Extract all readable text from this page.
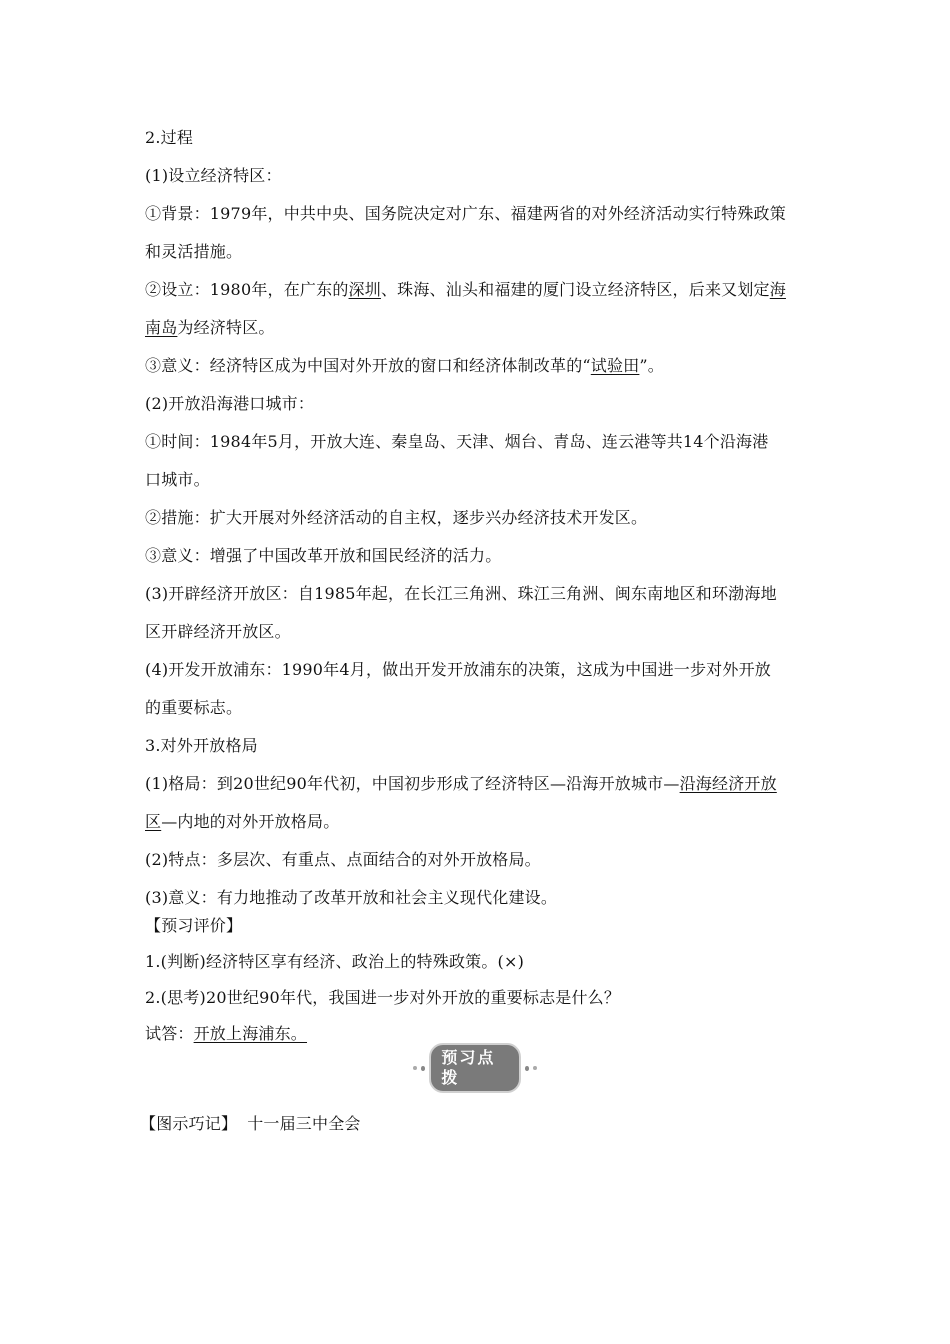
2.过程
(1)设立经济特区：
①背景：1979年，中共中央、国务院决定对广东、福建两省的对外经济活动实行特殊政策
和灵活措施。
②设立：1980年，在广东的深圳、珠海、汕头和福建的厦门设立经济特区，后来又划定海
南岛为经济特区。
③意义：经济特区成为中国对外开放的窗口和经济体制改革的“试验田”。
(2)开放沿海港口城市：
①时间：1984年5月，开放大连、秦皇岛、天津、烟台、青岛、连云港等共14个沿海港
口城市。
②措施：扩大开展对外经济活动的自主权，逐步兴办经济技术开发区。
③意义：增强了中国改革开放和国民经济的活力。
(3)开辟经济开放区：自1985年起，在长江三角洲、珠江三角洲、闽东南地区和环渤海地
区开辟经济开放区。
(4)开发开放浦东：1990年4月，做出开发开放浦东的决策，这成为中国进一步对外开放
的重要标志。
3.对外开放格局
(1)格局：到20世纪90年代初，中国初步形成了经济特区—沿海开放城市—沿海经济开放
区—内地的对外开放格局。
(2)特点：多层次、有重点、点面结合的对外开放格局。
(3)意义：有力地推动了改革开放和社会主义现代化建设。
【预习评价】
1.(判断)经济特区享有经济、政治上的特殊政策。(×)
2.(思考)20世纪90年代，我国进一步对外开放的重要标志是什么？
试答：开放上海浦东。
预习点拨
【图示巧记】 十一届三中全会
